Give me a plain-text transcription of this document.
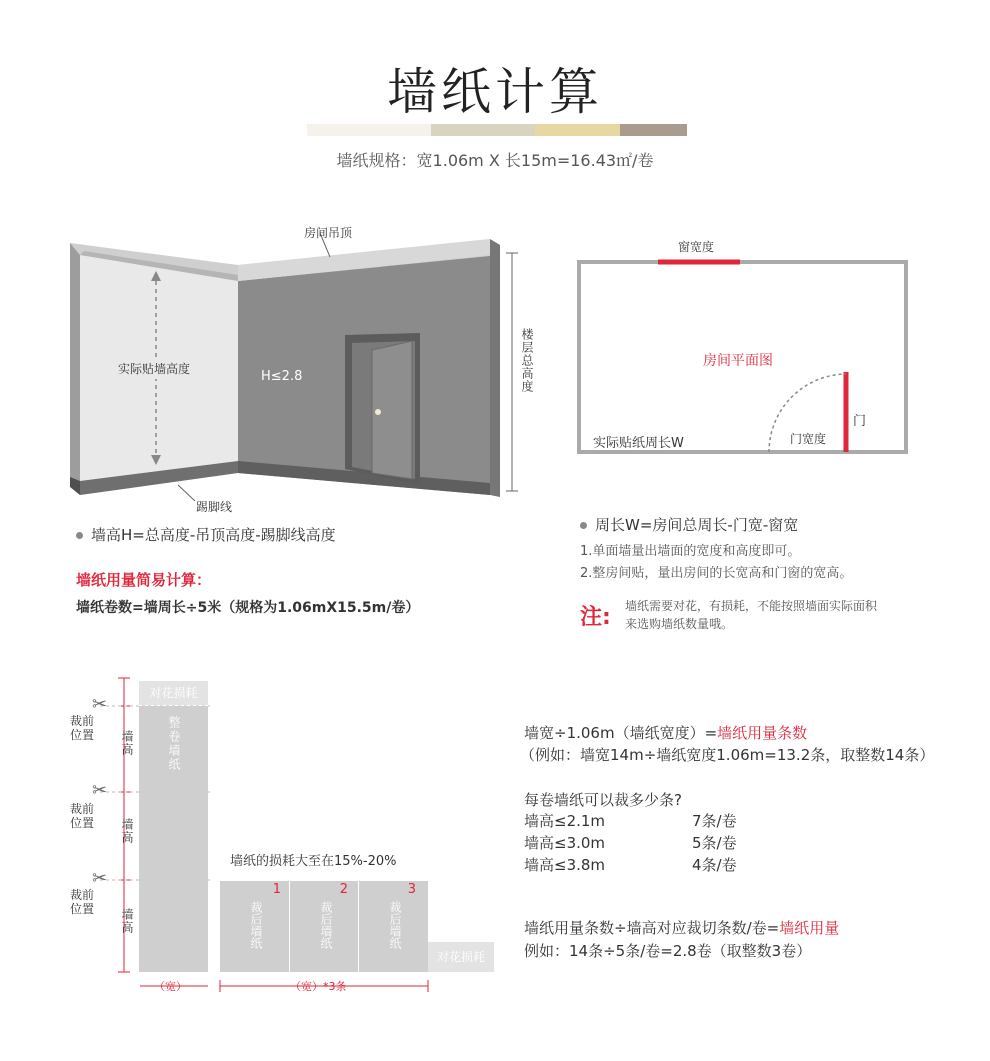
墙纸计算
墙纸规格：宽1.06m X 长15m=16.43㎡/卷
房间吊顶
实际贴墙高度	H≤2.8	楼层总高度
踢脚线
墙高H=总高度-吊顶高度-踢脚线高度
窗宽度
房间平面图
门
门宽度
实际贴纸周长W
周长W=房间总周长-门宽-窗宽
1.单面墙量出墙面的宽度和高度即可。
2.整房间贴，量出房间的长宽高和门窗的宽高。
注: 墙纸需要对花，有损耗，不能按照墙面实际面积
来选购墙纸数量哦。
墙纸用量简易计算：
墙纸卷数=墙周长÷5米（规格为1.06mX15.5m/卷）
✂
✂
✂
裁前位置
裁前位置
裁前位置
墙高
墙高
墙高
对花损耗
整卷墙纸
墙纸的损耗大至在15%-20%
1
裁后墙纸
2
裁后墙纸
3
裁后墙纸
对花损耗
（宽）	（宽）*3条
墙宽÷1.06m（墙纸宽度）=墙纸用量条数
（例如：墙宽14m÷墙纸宽度1.06m=13.2条，取整数14条）
每卷墙纸可以裁多少条?
墙高≤2.1m	7条/卷
墙高≤3.0m	5条/卷
墙高≤3.8m	4条/卷
墙纸用量条数÷墙高对应裁切条数/卷=墙纸用量
例如：14条÷5条/卷=2.8卷（取整数3卷）
